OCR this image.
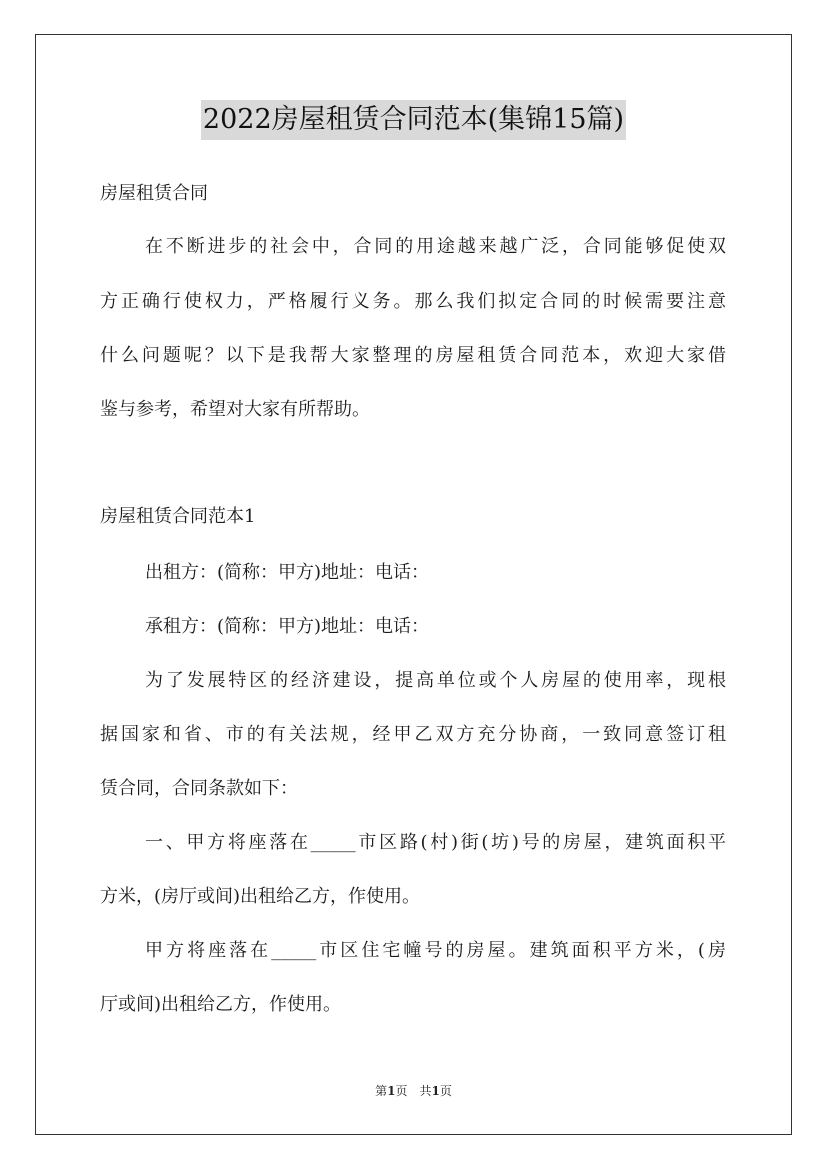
2022房屋租赁合同范本(集锦15篇)
房屋租赁合同
在不断进步的社会中，合同的用途越来越广泛，合同能够促使双
方正确行使权力，严格履行义务。那么我们拟定合同的时候需要注意
什么问题呢？以下是我帮大家整理的房屋租赁合同范本，欢迎大家借
鉴与参考，希望对大家有所帮助。
房屋租赁合同范本1
出租方：(简称：甲方)地址：电话：
承租方：(简称：甲方)地址：电话：
为了发展特区的经济建设，提高单位或个人房屋的使用率，现根
据国家和省、市的有关法规，经甲乙双方充分协商，一致同意签订租
赁合同，合同条款如下：
一、甲方将座落在_____市区路(村)街(坊)号的房屋，建筑面积平
方米，(房厅或间)出租给乙方，作使用。
甲方将座落在_____市区住宅幢号的房屋。建筑面积平方米，(房
厅或间)出租给乙方，作使用。
第1页　共1页
